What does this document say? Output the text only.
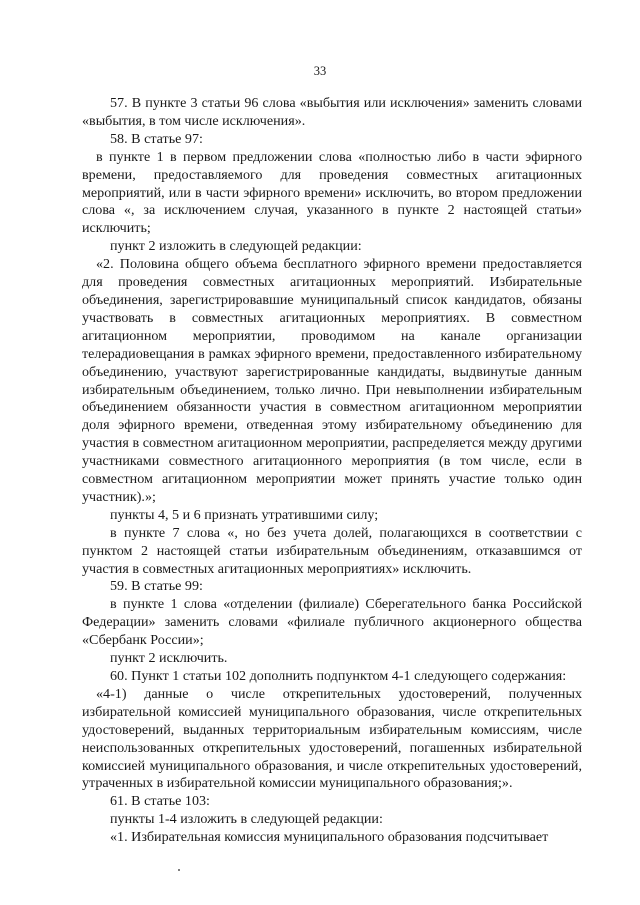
33

57. В пункте 3 статьи 96 слова «выбытия или исключения» заменить словами «выбытия, в том числе исключения».

58. В статье 97:

в пункте 1 в первом предложении слова «полностью либо в части эфирного времени, предоставляемого для проведения совместных агитационных мероприятий, или в части эфирного времени» исключить, во втором предложении слова «, за исключением случая, указанного в пункте 2 настоящей статьи» исключить;

пункт 2 изложить в следующей редакции:

«2. Половина общего объема бесплатного эфирного времени предоставляется для проведения совместных агитационных мероприятий. Избирательные объединения, зарегистрировавшие муниципальный список кандидатов, обязаны участвовать в совместных агитационных мероприятиях. В совместном агитационном мероприятии, проводимом на канале организации телерадиовещания в рамках эфирного времени, предоставленного избирательному объединению, участвуют зарегистрированные кандидаты, выдвинутые данным избирательным объединением, только лично. При невыполнении избирательным объединением обязанности участия в совместном агитационном мероприятии доля эфирного времени, отведенная этому избирательному объединению для участия в совместном агитационном мероприятии, распределяется между другими участниками совместного агитационного мероприятия (в том числе, если в совместном агитационном мероприятии может принять участие только один участник).»;

пункты 4, 5 и 6 признать утратившими силу;

в пункте 7 слова «, но без учета долей, полагающихся в соответствии с пунктом 2 настоящей статьи избирательным объединениям, отказавшимся от участия в совместных агитационных мероприятиях» исключить.

59. В статье 99:

в пункте 1 слова «отделении (филиале) Сберегательного банка Российской Федерации» заменить словами «филиале публичного акционерного общества «Сбербанк России»;

пункт 2 исключить.

60. Пункт 1 статьи 102 дополнить подпунктом 4-1 следующего содержания:

«4-1) данные о числе открепительных удостоверений, полученных избирательной комиссией муниципального образования, числе открепительных удостоверений, выданных территориальным избирательным комиссиям, числе неиспользованных открепительных удостоверений, погашенных избирательной комиссией муниципального образования, и числе открепительных удостоверений, утраченных в избирательной комиссии муниципального образования;».

61. В статье 103:

пункты 1-4 изложить в следующей редакции:

«1. Избирательная комиссия муниципального образования подсчитывает
